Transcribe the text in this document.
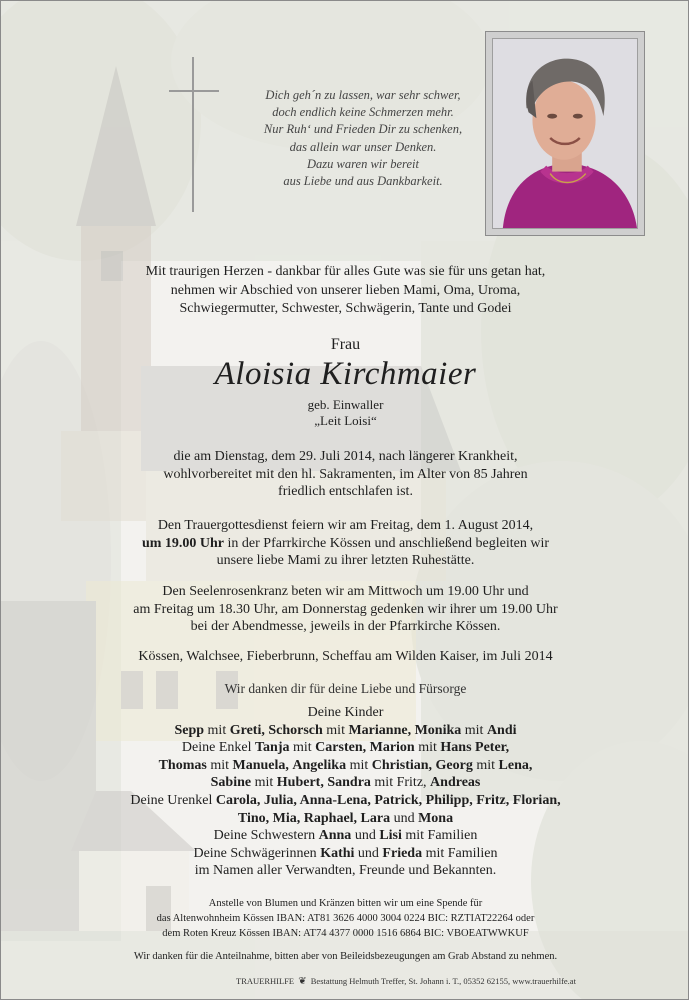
Dich geh´n zu lassen, war sehr schwer,
doch endlich keine Schmerzen mehr.
Nur Ruh‘ und Frieden Dir zu schenken,
das allein war unser Denken.
Dazu waren wir bereit
aus Liebe und aus Dankbarkeit.
Mit traurigen Herzen - dankbar für alles Gute was sie für uns getan hat,
nehmen wir Abschied von unserer lieben Mami, Oma, Uroma,
Schwiegermutter, Schwester, Schwägerin, Tante und Godei
Frau
Aloisia Kirchmaier
geb. Einwaller
„Leit Loisi“
die am Dienstag, dem 29. Juli 2014, nach längerer Krankheit,
wohlvorbereitet mit den hl. Sakramenten, im Alter von 85 Jahren
friedlich entschlafen ist.
Den Trauergottesdienst feiern wir am Freitag, dem 1. August 2014,
um 19.00 Uhr in der Pfarrkirche Kössen und anschließend begleiten wir
unsere liebe Mami zu ihrer letzten Ruhestätte.
Den Seelenrosenkranz beten wir am Mittwoch um 19.00 Uhr und
am Freitag um 18.30 Uhr, am Donnerstag gedenken wir ihrer um 19.00 Uhr
bei der Abendmesse, jeweils in der Pfarrkirche Kössen.
Kössen, Walchsee, Fieberbrunn, Scheffau am Wilden Kaiser, im Juli 2014
Wir danken dir für deine Liebe und Fürsorge
Deine Kinder
Sepp mit Greti, Schorsch mit Marianne, Monika mit Andi
Deine Enkel Tanja mit Carsten, Marion mit Hans Peter,
Thomas mit Manuela, Angelika mit Christian, Georg mit Lena,
Sabine mit Hubert, Sandra mit Fritz, Andreas
Deine Urenkel Carola, Julia, Anna-Lena, Patrick, Philipp, Fritz, Florian,
Tino, Mia, Raphael, Lara und Mona
Deine Schwestern Anna und Lisi mit Familien
Deine Schwägerinnen Kathi und Frieda mit Familien
im Namen aller Verwandten, Freunde und Bekannten.
Anstelle von Blumen und Kränzen bitten wir um eine Spende für
das Altenwohnheim Kössen IBAN: AT81 3626 4000 3004 0224 BIC: RZTIAT22264 oder
dem Roten Kreuz Kössen IBAN: AT74 4377 0000 1516 6864 BIC: VBOEATWWKUF
Wir danken für die Anteilnahme, bitten aber von Beileidsbezeugungen am Grab Abstand zu nehmen.
TRAUERHILFE ❦ Bestattung Helmuth Treffer, St. Johann i. T., 05352 62155, www.trauerhilfe.at
